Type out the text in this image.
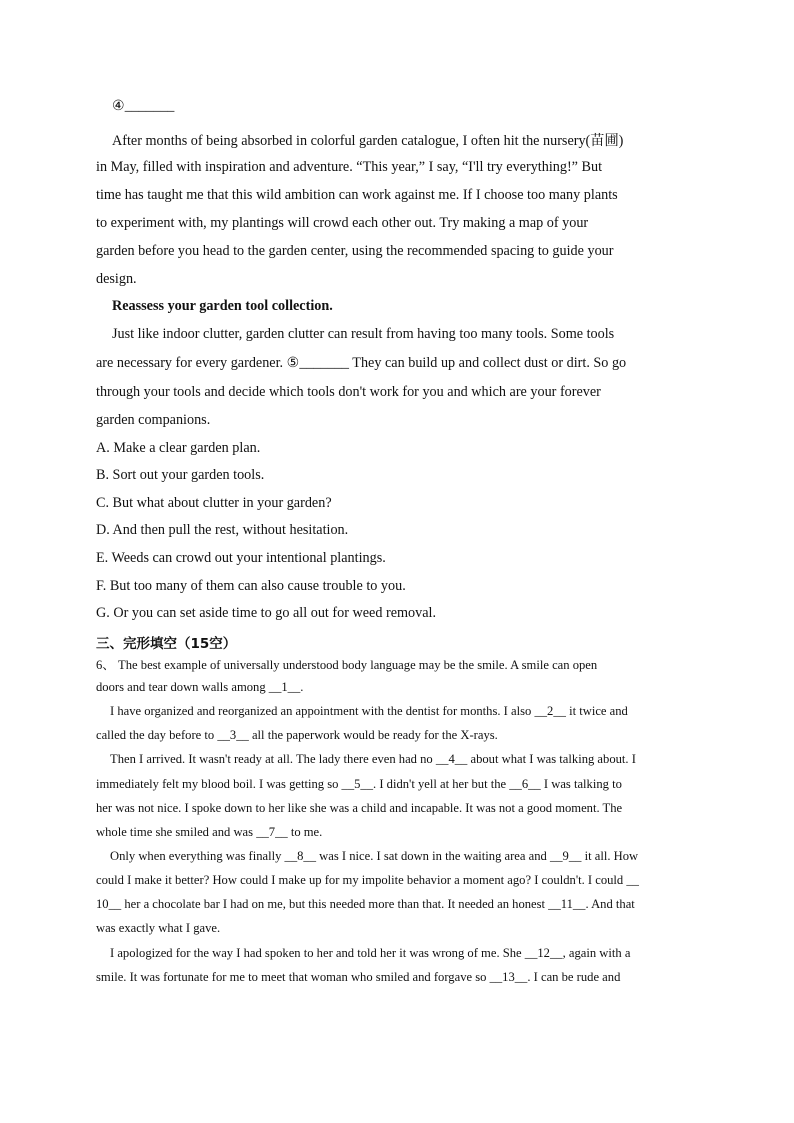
④_______
After months of being absorbed in colorful garden catalogue, I often hit the nursery(苗圃)
in May, filled with inspiration and adventure. “This year,” I say, “I'll try everything!” But
time has taught me that this wild ambition can work against me. If I choose too many plants
to experiment with, my plantings will crowd each other out. Try making a map of your
garden before you head to the garden center, using the recommended spacing to guide your
design.
Reassess your garden tool collection.
Just like indoor clutter, garden clutter can result from having too many tools. Some tools
are necessary for every gardener. ⑤_______ They can build up and collect dust or dirt. So go
through your tools and decide which tools don't work for you and which are your forever
garden companions.
A. Make a clear garden plan.
B. Sort out your garden tools.
C. But what about clutter in your garden?
D. And then pull the rest, without hesitation.
E. Weeds can crowd out your intentional plantings.
F. But too many of them can also cause trouble to you.
G. Or you can set aside time to go all out for weed removal.
三、完形填空（15空）
6、 The best example of universally understood body language may be the smile. A smile can open
doors and tear down walls among __1__.
I have organized and reorganized an appointment with the dentist for months. I also __2__ it twice and
called the day before to __3__ all the paperwork would be ready for the X-rays.
Then I arrived. It wasn't ready at all. The lady there even had no __4__ about what I was talking about. I
immediately felt my blood boil. I was getting so __5__. I didn't yell at her but the __6__ I was talking to
her was not nice. I spoke down to her like she was a child and incapable. It was not a good moment. The
whole time she smiled and was __7__ to me.
Only when everything was finally __8__ was I nice. I sat down in the waiting area and __9__ it all. How
could I make it better? How could I make up for my impolite behavior a moment ago? I couldn't. I could __
10__ her a chocolate bar I had on me, but this needed more than that. It needed an honest __11__. And that
was exactly what I gave.
I apologized for the way I had spoken to her and told her it was wrong of me. She __12__, again with a
smile. It was fortunate for me to meet that woman who smiled and forgave so __13__. I can be rude and
